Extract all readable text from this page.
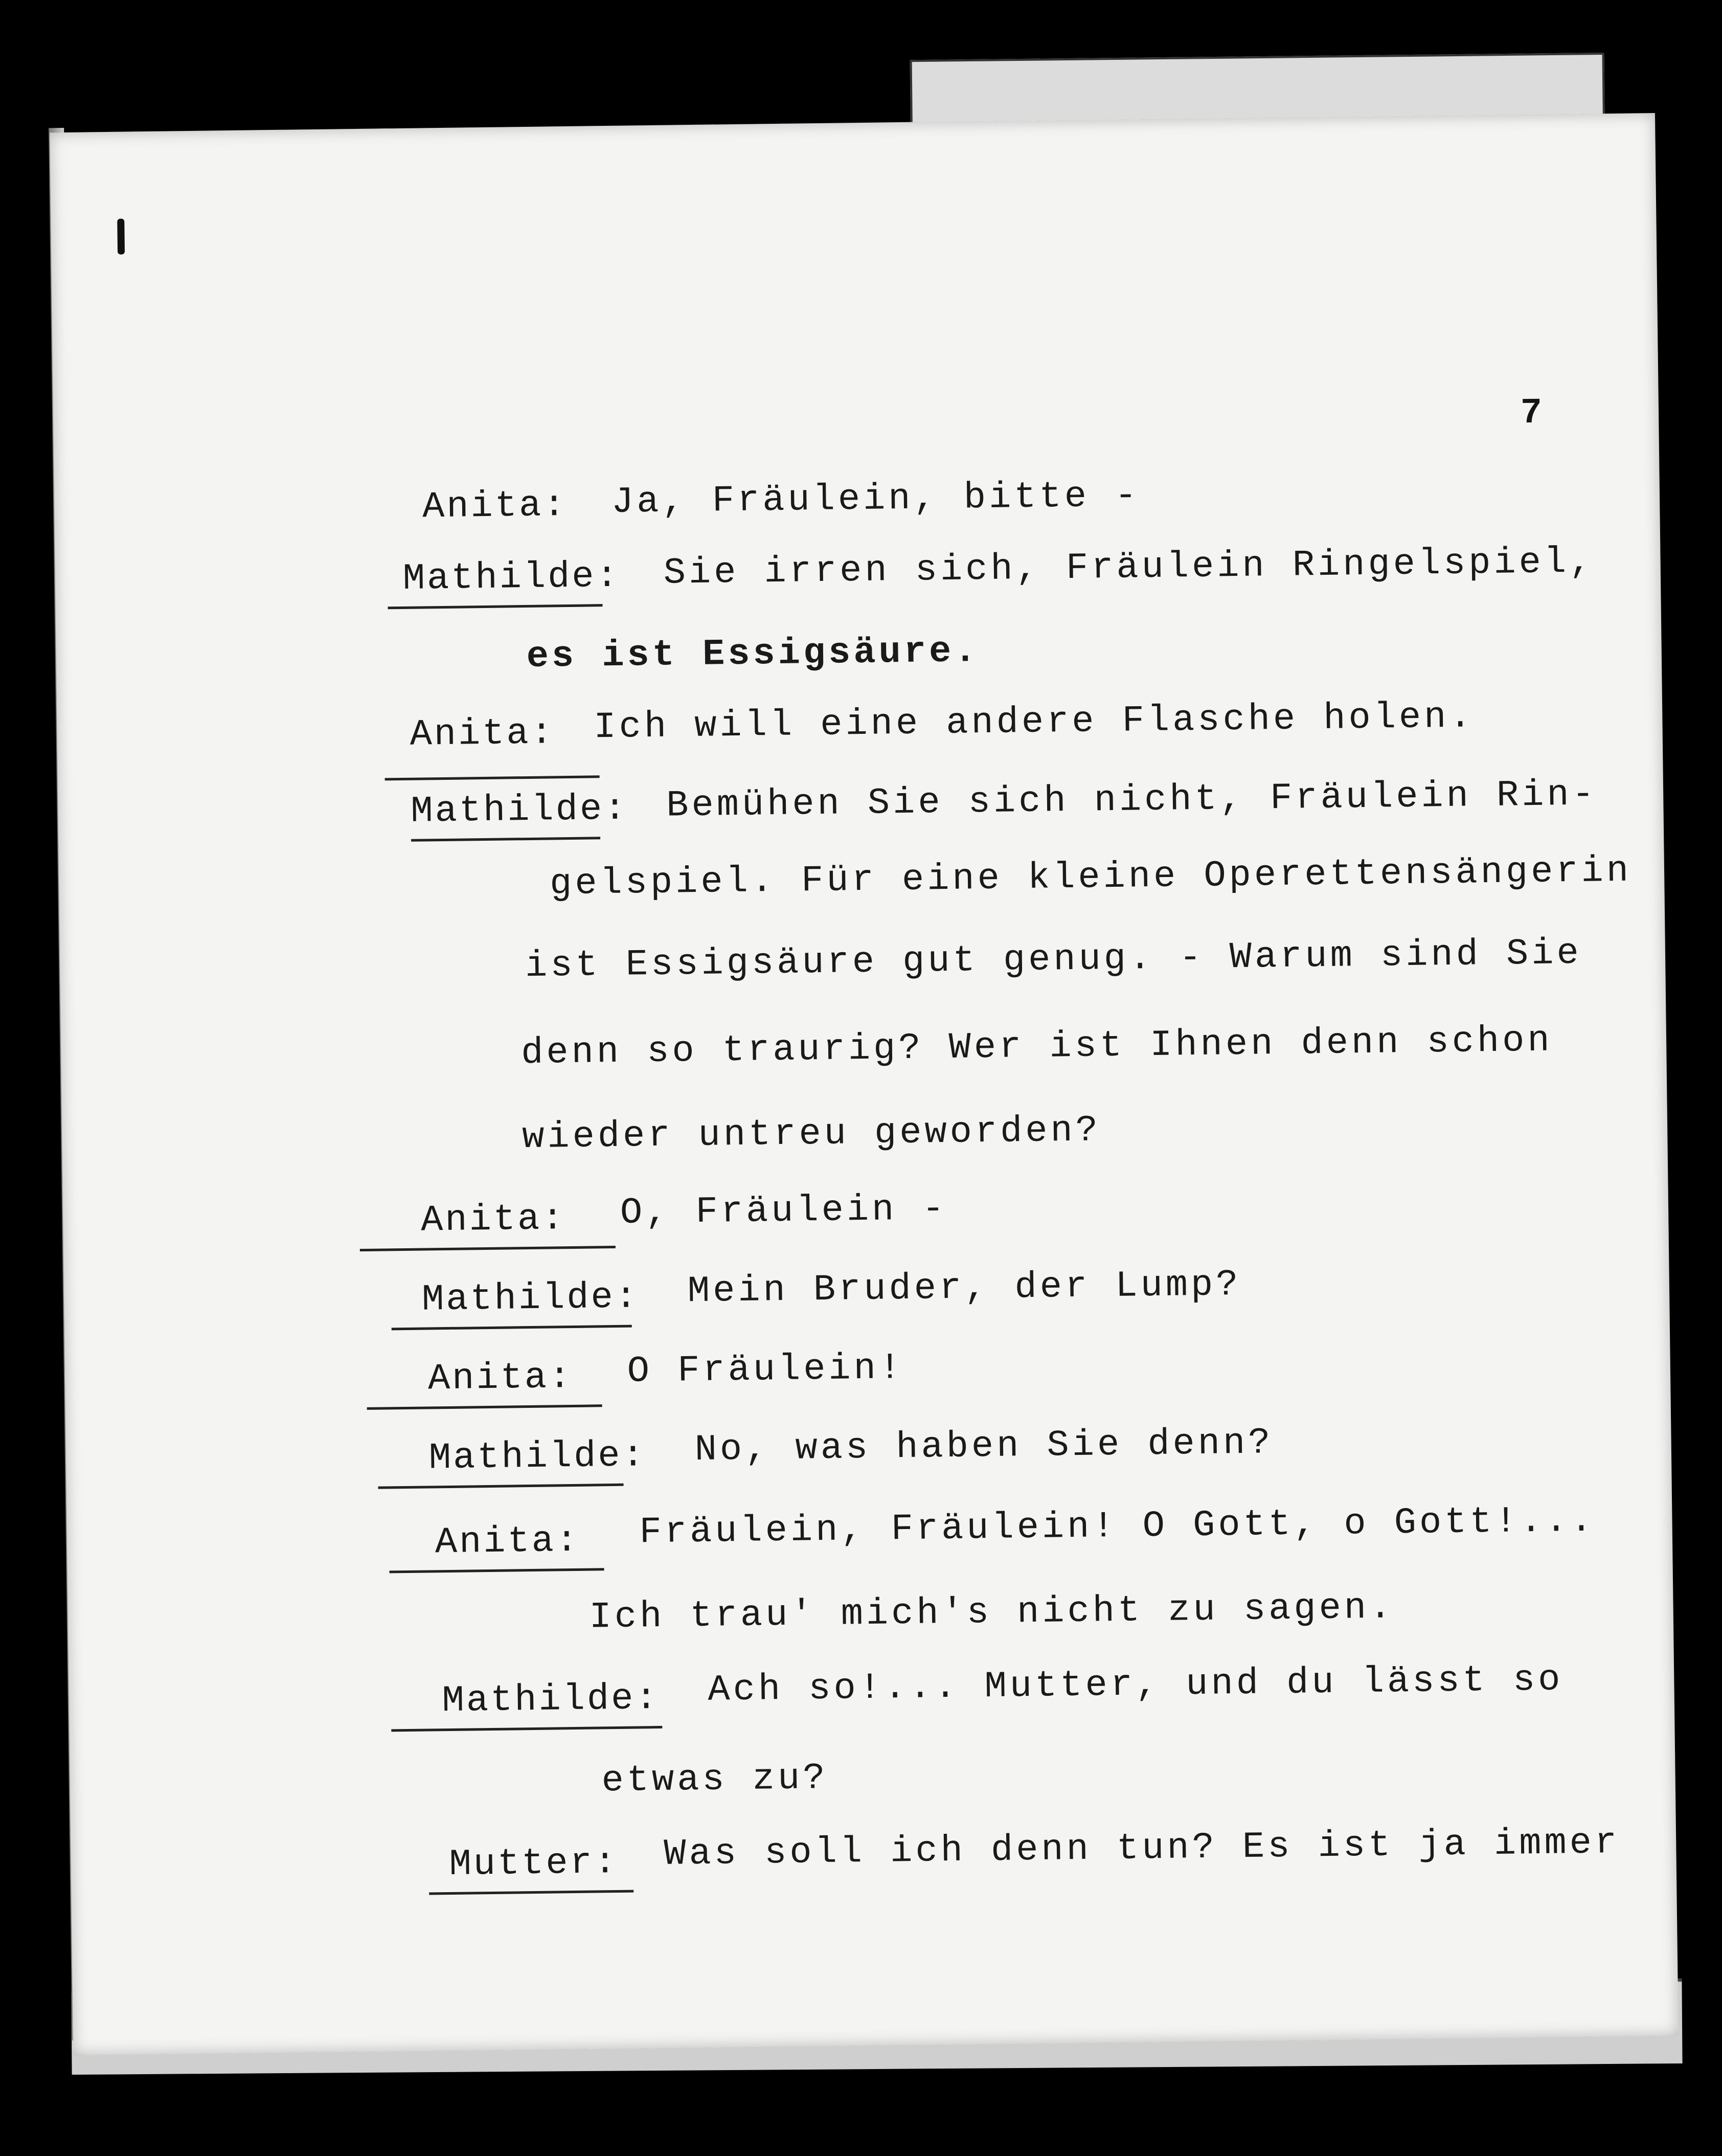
7
Anita: Ja, Fräulein, bitte -
Mathilde: Sie irren sich, Fräulein Ringelspiel,
es ist Essigsäure.
Anita: Ich will eine andere Flasche holen.
Mathilde: Bemühen Sie sich nicht, Fräulein Rin-
gelspiel. Für eine kleine Operettensängerin
ist Essigsäure gut genug. - Warum sind Sie
denn so traurig? Wer ist Ihnen denn schon
wieder untreu geworden?
Anita: O, Fräulein -
Mathilde: Mein Bruder, der Lump?
Anita: O Fräulein!
Mathilde: No, was haben Sie denn?
Anita: Fräulein, Fräulein! O Gott, o Gott!...
Ich trau' mich's nicht zu sagen.
Mathilde: Ach so!... Mutter, und du lässt so
etwas zu?
Mutter: Was soll ich denn tun? Es ist ja immer
